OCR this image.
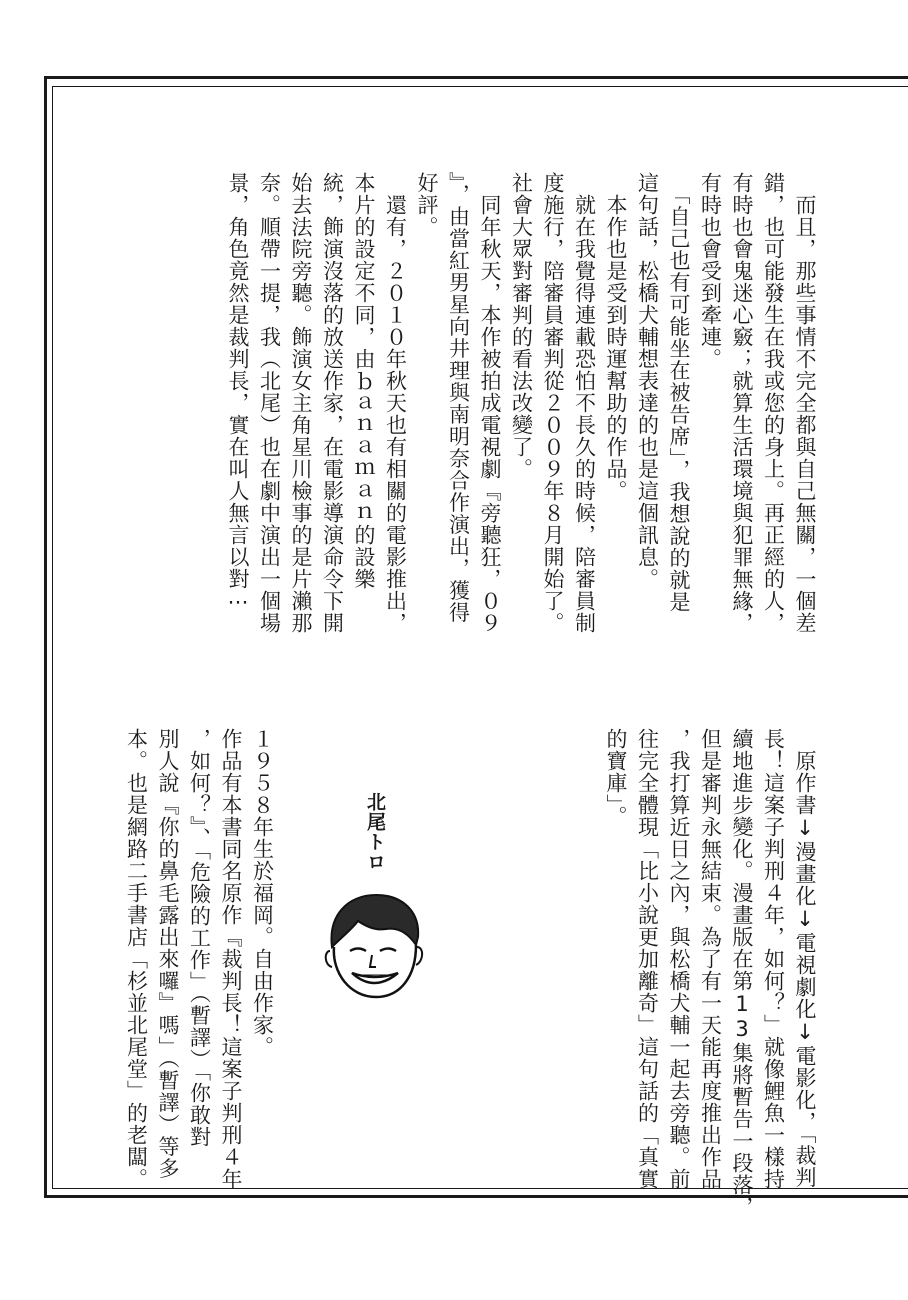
　而且，那些事情不完全都與自己無關，一個差
錯，也可能發生在我或您的身上。再正經的人，
有時也會鬼迷心竅；就算生活環境與犯罪無緣，
有時也會受到牽連。
　「自己也有可能坐在被告席」，我想說的就是
這句話，松橋犬輔想表達的也是這個訊息。
　本作也是受到時運幫助的作品。
　就在我覺得連載恐怕不長久的時候，陪審員制
度施行，陪審員審判從２００９年８月開始了。
社會大眾對審判的看法改變了。
　同年秋天，本作被拍成電視劇『旁聽狂，０９
』，由當紅男星向井理與南明奈合作演出，獲得
好評。
　還有，２０１０年秋天也有相關的電影推出，
本片的設定不同，由ｂａｎａｍａｎ的設樂
統，飾演沒落的放送作家，在電影導演命令下開
始去法院旁聽。飾演女主角星川檢事的是片瀨那
奈。順帶一提，我（北尾）也在劇中演出一個場
景，角色竟然是裁判長，實在叫人無言以對⋯
　原作書↓漫畫化↓電視劇化↓電影化，「裁判
長！這案子判刑４年，如何？」就像鯉魚一樣持
續地進步變化。漫畫版在第13集將暫告一段落，
但是審判永無結束。為了有一天能再度推出作品
，我打算近日之內，與松橋犬輔一起去旁聽。前
往完全體現「比小說更加離奇」這句話的「真實
的寶庫」。
北尾トロ
１９５８年生於福岡。自由作家。
作品有本書同名原作『裁判長！這案子判刑４年
，如何？』、「危險的工作」（暫譯）「你敢對
別人說『你的鼻毛露出來囉』嗎」（暫譯）等多
本。也是網路二手書店「杉並北尾堂」的老闆。
